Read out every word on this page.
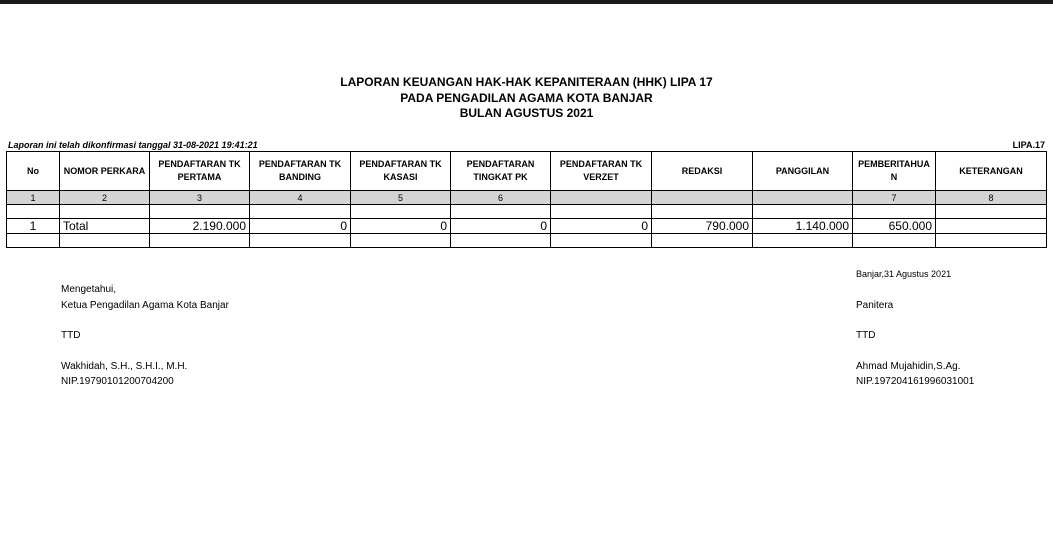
LAPORAN KEUANGAN HAK-HAK KEPANITERAAN (HHK) LIPA 17
PADA PENGADILAN AGAMA KOTA BANJAR
BULAN AGUSTUS 2021
Laporan ini telah dikonfirmasi tanggal 31-08-2021 19:41:21	LIPA.17
No	NOMOR PERKARA	PENDAFTARAN TK PERTAMA	PENDAFTARAN TK BANDING	PENDAFTARAN TK KASASI	PENDAFTARAN TINGKAT PK	PENDAFTARAN TK VERZET	REDAKSI	PANGGILAN	PEMBERITAHUA N	KETERANGAN
1	2	3	4	5	6				7	8

1	Total	2.190.000	0	0	0	0	790.000	1.140.000	650.000	

Mengetahui,
Ketua Pengadilan Agama Kota Banjar
TTD
Wakhidah, S.H., S.H.I., M.H.
NIP.19790101200704200
Banjar,31 Agustus 2021
Panitera
TTD
Ahmad Mujahidin,S.Ag.
NIP.197204161996031001
